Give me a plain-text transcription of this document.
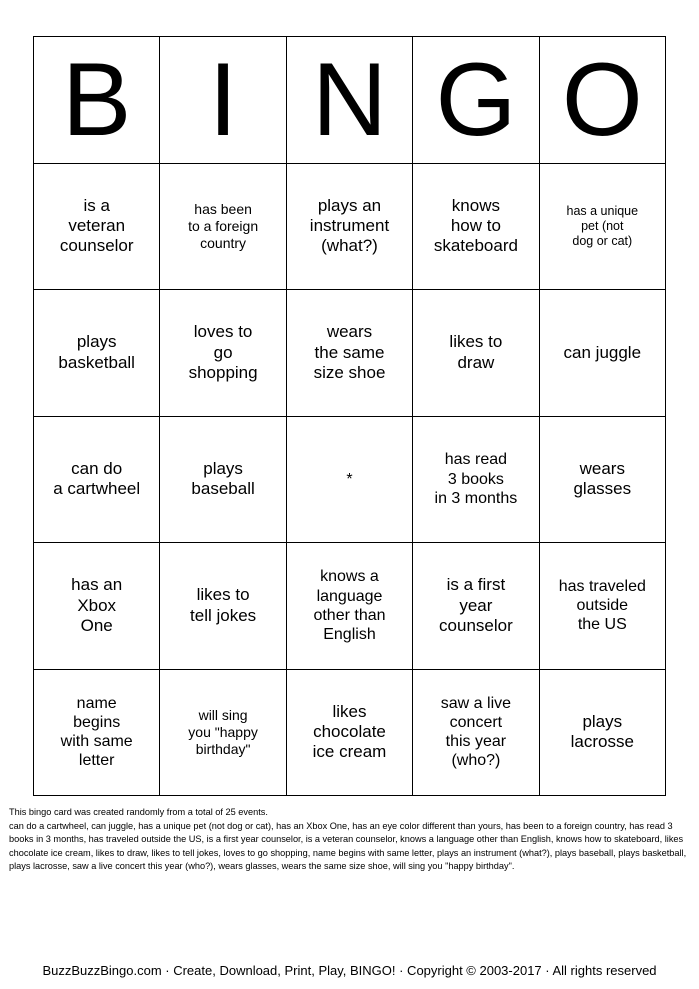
B I N G O
is a
veteran
counselor
has been
to a foreign
country
plays an
instrument
(what?)
knows
how to
skateboard
has a unique
pet (not
dog or cat)
plays
basketball
loves to
go
shopping
wears
the same
size shoe
likes to
draw
can juggle
can do
a cartwheel
plays
baseball
*
has read
3 books
in 3 months
wears
glasses
has an
Xbox
One
likes to
tell jokes
knows a
language
other than
English
is a first
year
counselor
has traveled
outside
the US
name
begins
with same
letter
will sing
you "happy
birthday"
likes
chocolate
ice cream
saw a live
concert
this year
(who?)
plays
lacrosse

This bingo card was created randomly from a total of 25 events.

can do a cartwheel, can juggle, has a unique pet (not dog or cat), has an Xbox One, has an eye color different than yours, has been to a foreign country, has read 3 books in 3 months, has traveled outside the US, is a first year counselor, is a veteran counselor, knows a language other than English, knows how to skateboard, likes chocolate ice cream, likes to draw, likes to tell jokes, loves to go shopping, name begins with same letter, plays an instrument (what?), plays baseball, plays basketball, plays lacrosse, saw a live concert this year (who?), wears glasses, wears the same size shoe, will sing you "happy birthday".

BuzzBuzzBingo.com · Create, Download, Print, Play, BINGO! · Copyright © 2003-2017 · All rights reserved
